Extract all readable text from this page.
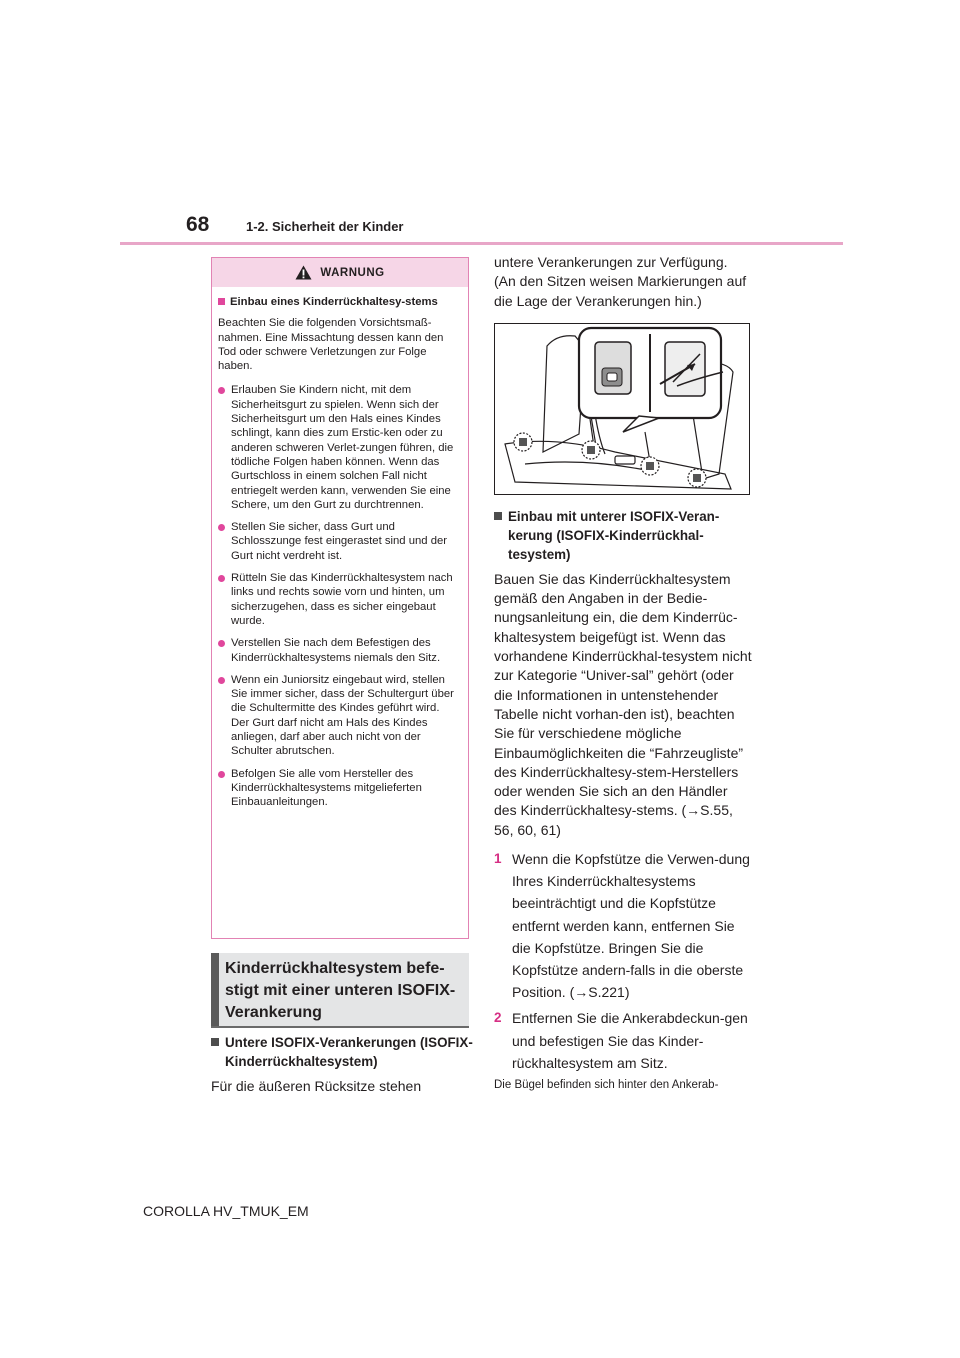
68	1-2. Sicherheit der Kinder
WARNUNG
Einbau eines Kinderrückhaltesy-stems
Beachten Sie die folgenden Vorsichtsmaß-nahmen. Eine Missachtung dessen kann den Tod oder schwere Verletzungen zur Folge haben.
Erlauben Sie Kindern nicht, mit dem Sicherheitsgurt zu spielen. Wenn sich der Sicherheitsgurt um den Hals eines Kindes schlingt, kann dies zum Erstic-ken oder zu anderen schweren Verlet-zungen führen, die tödliche Folgen haben können. Wenn das Gurtschloss in einem solchen Fall nicht entriegelt werden kann, verwenden Sie eine Schere, um den Gurt zu durchtrennen.
Stellen Sie sicher, dass Gurt und Schlosszunge fest eingerastet sind und der Gurt nicht verdreht ist.
Rütteln Sie das Kinderrückhaltesystem nach links und rechts sowie vorn und hinten, um sicherzugehen, dass es sicher eingebaut wurde.
Verstellen Sie nach dem Befestigen des Kinderrückhaltesystems niemals den Sitz.
Wenn ein Juniorsitz eingebaut wird, stellen Sie immer sicher, dass der Schultergurt über die Schultermitte des Kindes geführt wird. Der Gurt darf nicht am Hals des Kindes anliegen, darf aber auch nicht von der Schulter abrutschen.
Befolgen Sie alle vom Hersteller des Kinderrückhaltesystems mitgelieferten Einbauanleitungen.
Kinderrückhaltesystem befe-stigt mit einer unteren ISOFIX-Verankerung
Untere ISOFIX-Verankerungen (ISOFIX-Kinderrückhaltesystem)
Für die äußeren Rücksitze stehen
untere Verankerungen zur Verfügung. (An den Sitzen weisen Markierungen auf die Lage der Verankerungen hin.)
Einbau mit unterer ISOFIX-Veran-kerung (ISOFIX-Kinderrückhal-tesystem)
Bauen Sie das Kinderrückhaltesystem gemäß den Angaben in der Bedie-nungsanleitung ein, die dem Kinderrüc-khaltesystem beigefügt ist. Wenn das vorhandene Kinderrückhal-tesystem nicht zur Kategorie “Univer-sal” gehört (oder die Informationen in untenstehender Tabelle nicht vorhan-den ist), beachten Sie für verschiedene mögliche Einbaumöglichkeiten die “Fahrzeugliste” des Kinderrückhaltesy-stem-Herstellers oder wenden Sie sich an den Händler des Kinderrückhaltesy-stems. (→S.55, 56, 60, 61)
1 Wenn die Kopfstütze die Verwen-dung Ihres Kinderrückhaltesystems beeinträchtigt und die Kopfstütze entfernt werden kann, entfernen Sie die Kopfstütze. Bringen Sie die Kopfstütze andern-falls in die oberste Position. (→S.221)
2 Entfernen Sie die Ankerabdeckun-gen und befestigen Sie das Kinder-rückhaltesystem am Sitz.
Die Bügel befinden sich hinter den Ankerab-
COROLLA HV_TMUK_EM
